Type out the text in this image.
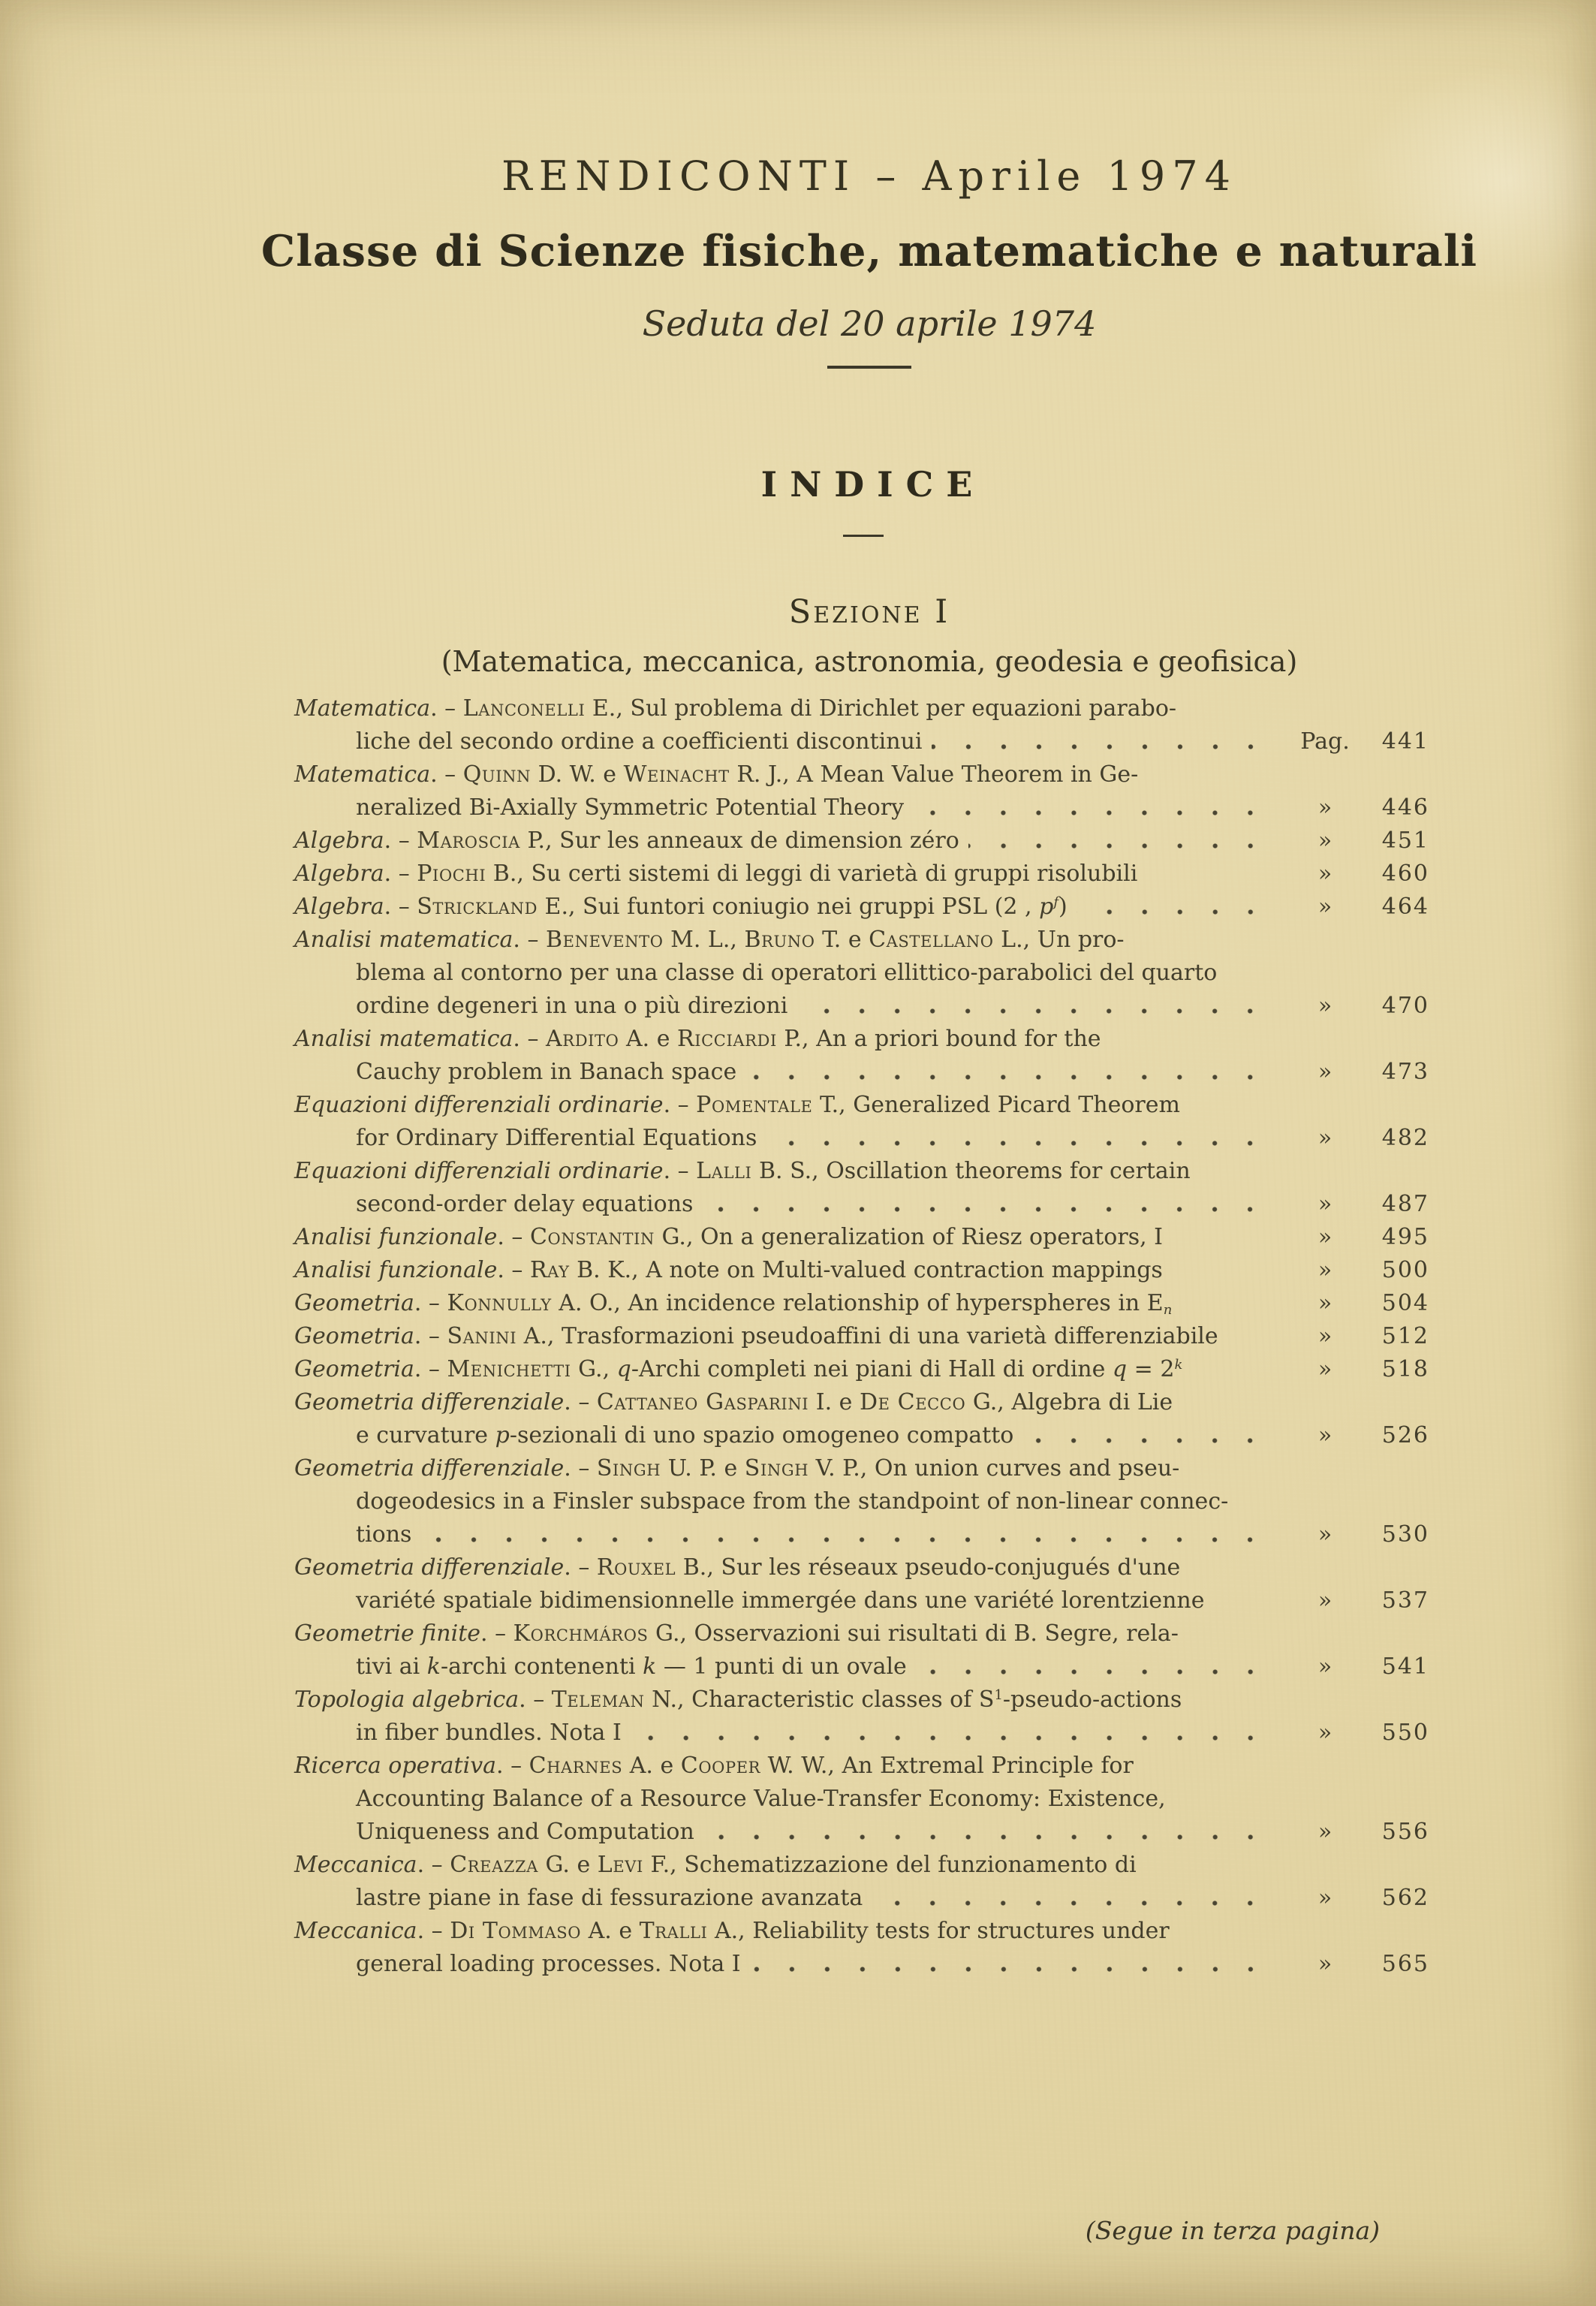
RENDICONTI – Aprile 1974
Classe di Scienze fisiche, matematiche e naturali
Seduta del 20 aprile 1974
INDICE
Sezione I
(Matematica, meccanica, astronomia, geodesia e geofisica)
Matematica. – Lanconelli E., Sul problema di Dirichlet per equazioni parabo-
liche del secondo ordine a coefficienti discontinui	Pag.	441
Matematica. – Quinn D. W. e Weinacht R. J., A Mean Value Theorem in Ge-
neralized Bi-Axially Symmetric Potential Theory	»	446
Algebra. – Maroscia P., Sur les anneaux de dimension zéro	»	451
Algebra. – Piochi B., Su certi sistemi di leggi di varietà di gruppi risolubili	»	460
Algebra. – Strickland E., Sui funtori coniugio nei gruppi PSL (2 , $p^f$)	»	464
Analisi matematica. – Benevento M. L., Bruno T. e Castellano L., Un pro-
blema al contorno per una classe di operatori ellittico-parabolici del quarto
ordine degeneri in una o più direzioni	»	470
Analisi matematica. – Ardito A. e Ricciardi P., An a priori bound for the
Cauchy problem in Banach space	»	473
Equazioni differenziali ordinarie. – Pomentale T., Generalized Picard Theorem
for Ordinary Differential Equations	»	482
Equazioni differenziali ordinarie. – Lalli B. S., Oscillation theorems for certain
second-order delay equations	»	487
Analisi funzionale. – Constantin G., On a generalization of Riesz operators, I	»	495
Analisi funzionale. – Ray B. K., A note on Multi-valued contraction mappings	»	500
Geometria. – Konnully A. O., An incidence relationship of hyperspheres in En	»	504
Geometria. – Sanini A., Trasformazioni pseudoaffini di una varietà differenziabile	»	512
Geometria. – Menichetti G., q-Archi completi nei piani di Hall di ordine $q = 2^k$	»	518
Geometria differenziale. – Cattaneo Gasparini I. e De Cecco G., Algebra di Lie
e curvature p-sezionali di uno spazio omogeneo compatto	»	526
Geometria differenziale. – Singh U. P. e Singh V. P., On union curves and pseu-
dogeodesics in a Finsler subspace from the standpoint of non-linear connec-
tions	»	530
Geometria differenziale. – Rouxel B., Sur les réseaux pseudo-conjugués d'une
variété spatiale bidimensionnelle immergée dans une variété lorentzienne	»	537
Geometrie finite. – Korchmáros G., Osservazioni sui risultati di B. Segre, rela-
tivi ai k-archi contenenti k — 1 punti di un ovale	»	541
Topologia algebrica. – Teleman N., Characteristic classes of $S^1-pseudo$-actions
in fiber bundles. Nota I	»	550
Ricerca operativa. – Charnes A. e Cooper W. W., An Extremal Principle for
Accounting Balance of a Resource Value-Transfer Economy: Existence,
Uniqueness and Computation	»	556
Meccanica. – Creazza G. e Levi F., Schematizzazione del funzionamento di
lastre piane in fase di fessurazione avanzata	»	562
Meccanica. – Di Tommaso A. e Tralli A., Reliability tests for structures under
general loading processes. Nota I	»	565
(Segue in terza pagina)
